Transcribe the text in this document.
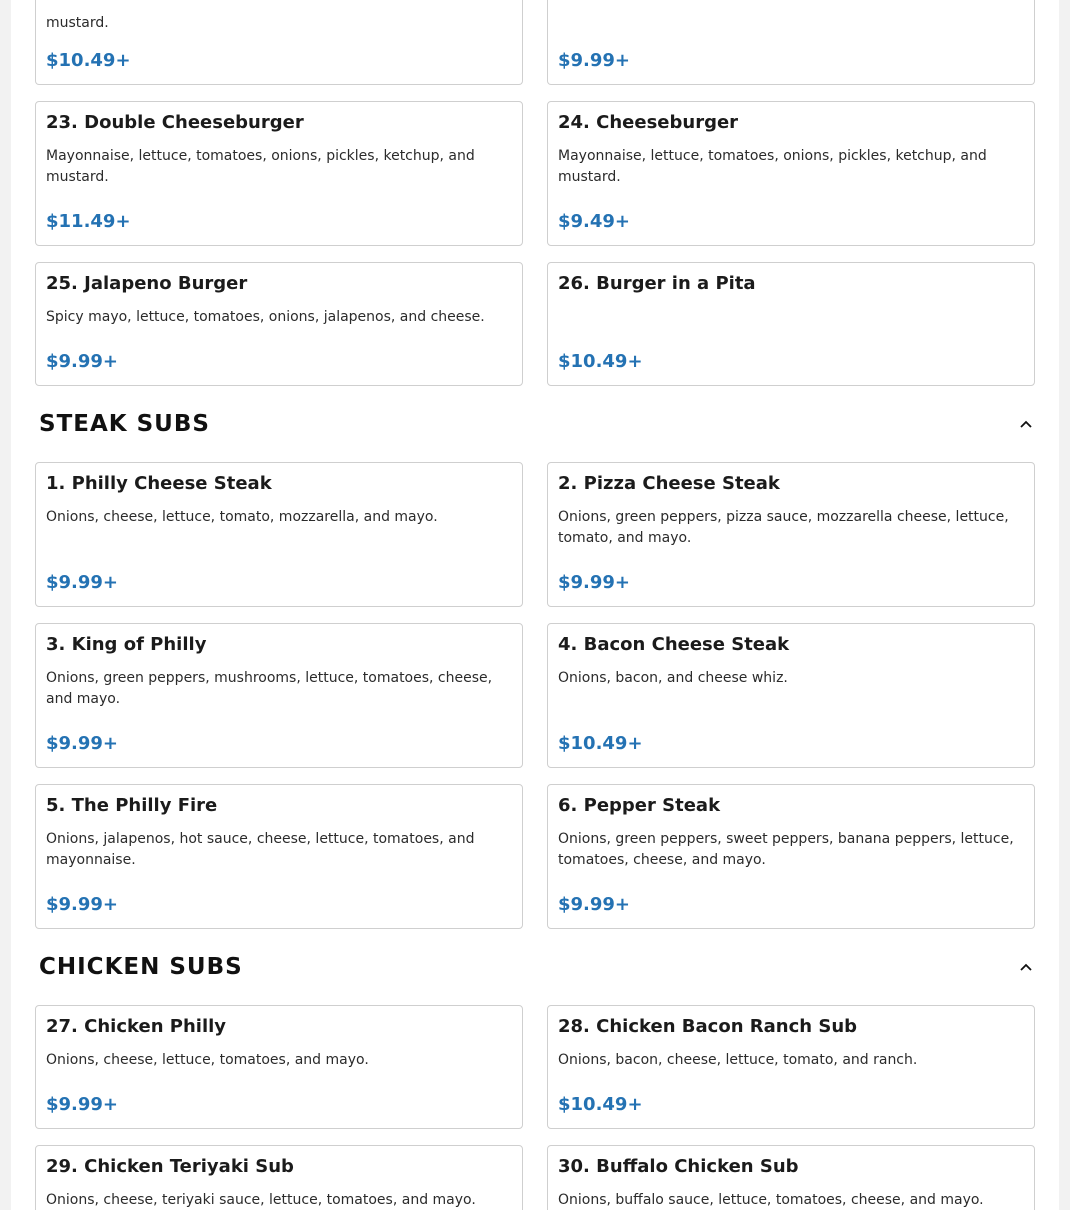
mustard.
$10.49+	$9.99+
23. Double Cheeseburger
Mayonnaise, lettuce, tomatoes, onions, pickles, ketchup, and mustard.
$11.49+
24. Cheeseburger
Mayonnaise, lettuce, tomatoes, onions, pickles, ketchup, and mustard.
$9.49+
25. Jalapeno Burger
Spicy mayo, lettuce, tomatoes, onions, jalapenos, and cheese.
$9.99+
26. Burger in a Pita
$10.49+
STEAK SUBS
1. Philly Cheese Steak
Onions, cheese, lettuce, tomato, mozzarella, and mayo.
$9.99+
2. Pizza Cheese Steak
Onions, green peppers, pizza sauce, mozzarella cheese, lettuce, tomato, and mayo.
$9.99+
3. King of Philly
Onions, green peppers, mushrooms, lettuce, tomatoes, cheese, and mayo.
$9.99+
4. Bacon Cheese Steak
Onions, bacon, and cheese whiz.
$10.49+
5. The Philly Fire
Onions, jalapenos, hot sauce, cheese, lettuce, tomatoes, and mayonnaise.
$9.99+
6. Pepper Steak
Onions, green peppers, sweet peppers, banana peppers, lettuce, tomatoes, cheese, and mayo.
$9.99+
CHICKEN SUBS
27. Chicken Philly
Onions, cheese, lettuce, tomatoes, and mayo.
$9.99+
28. Chicken Bacon Ranch Sub
Onions, bacon, cheese, lettuce, tomato, and ranch.
$10.49+
29. Chicken Teriyaki Sub
Onions, cheese, teriyaki sauce, lettuce, tomatoes, and mayo.
30. Buffalo Chicken Sub
Onions, buffalo sauce, lettuce, tomatoes, cheese, and mayo.
